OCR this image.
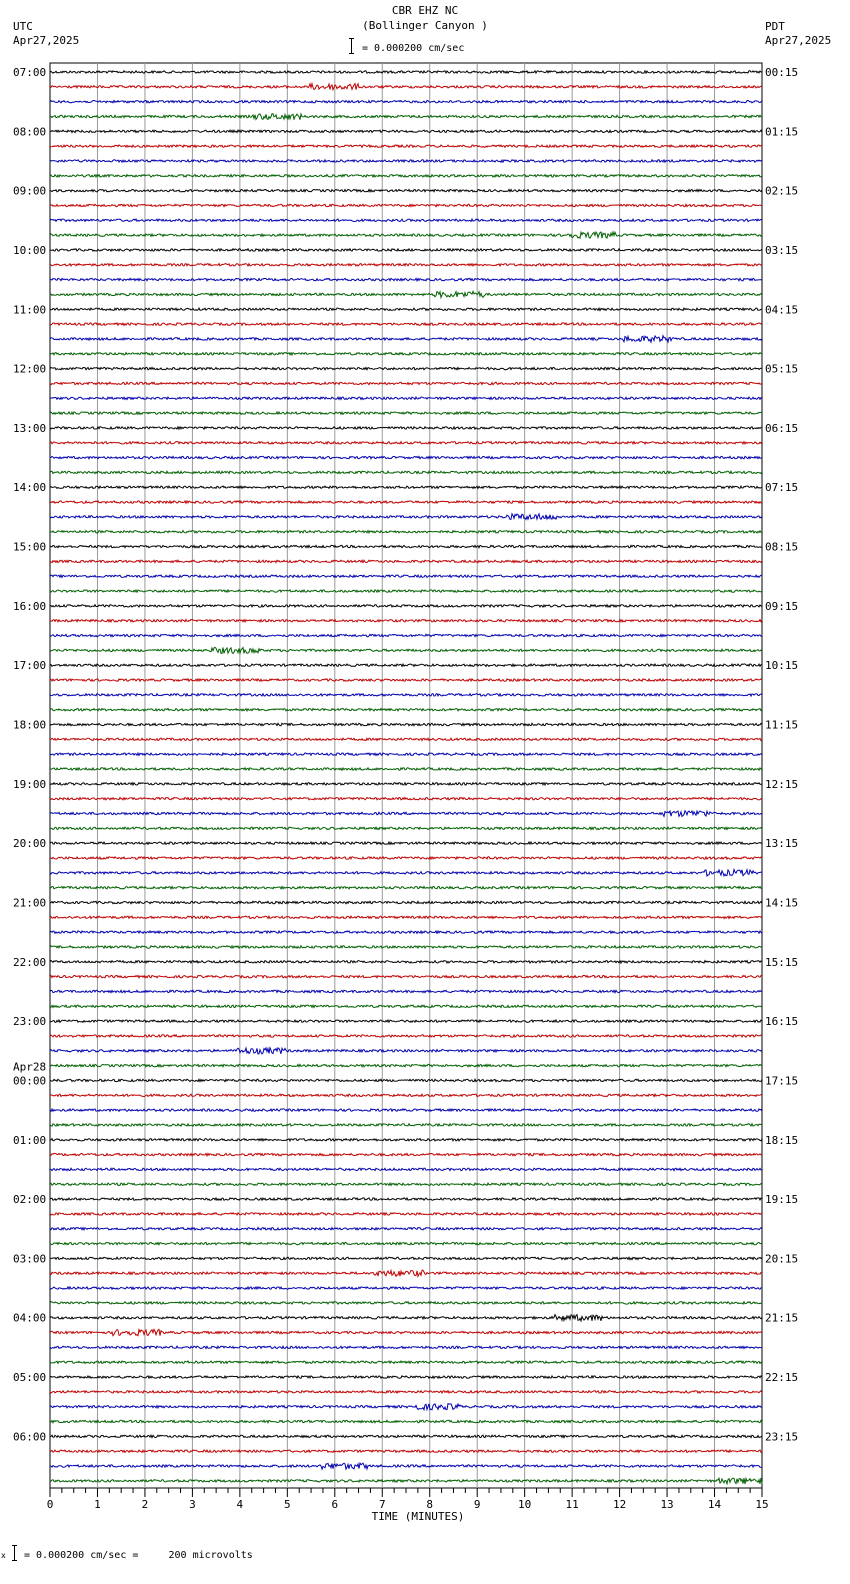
CBR EHZ NC
(Bollinger Canyon )
= 0.000200 cm/sec
UTC
Apr27,2025
PDT
Apr27,2025
07:00
08:00
09:00
10:00
11:00
12:00
13:00
14:00
15:00
16:00
17:00
18:00
19:00
20:00
21:00
22:00
23:00
00:00
01:00
02:00
03:00
04:00
05:00
06:00
00:15
01:15
02:15
03:15
04:15
05:15
06:15
07:15
08:15
09:15
10:15
11:15
12:15
13:15
14:15
15:15
16:15
17:15
18:15
19:15
20:15
21:15
22:15
23:15
Apr28
0	1	2	3	4	5	6	7	8	9	10	11	12	13	14	15
TIME (MINUTES)
x = 0.000200 cm/sec =     200 microvolts
